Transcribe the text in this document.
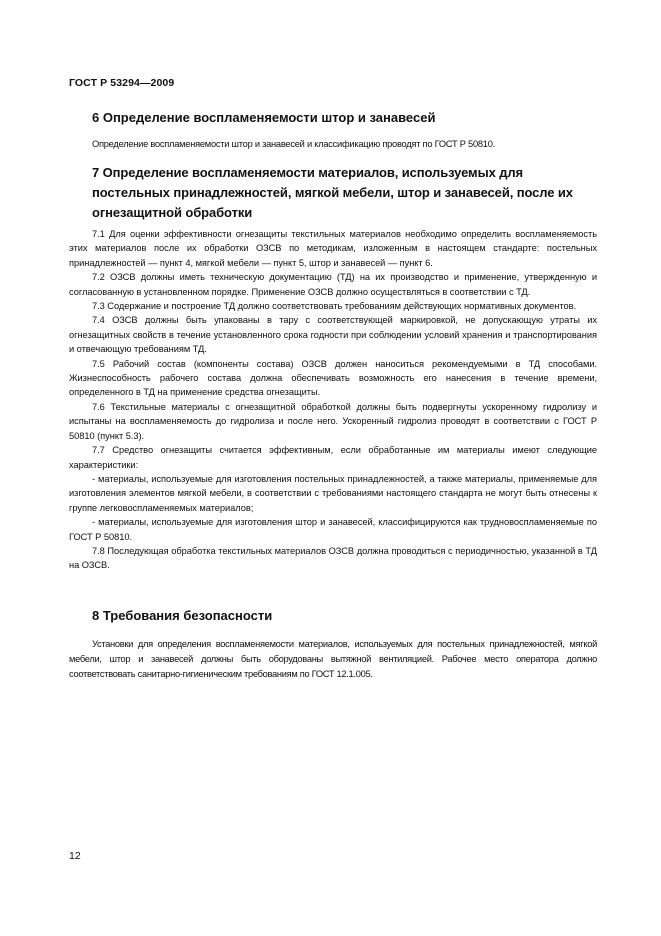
ГОСТ Р 53294—2009
6 Определение воспламеняемости штор и занавесей

Определение воспламеняемости штор и занавесей и классификацию проводят по ГОСТ Р 50810.

7 Определение воспламеняемости материалов, используемых для постельных принадлежностей, мягкой мебели, штор и занавесей, после их огнезащитной обработки

7.1 Для оценки эффективности огнезащиты текстильных материалов необходимо определить воспламеняемость этих материалов после их обработки ОЗСВ по методикам, изложенным в настоящем стандарте: постельных принадлежностей — пункт 4, мягкой мебели — пункт 5, штор и занавесей — пункт 6.

7.2 ОЗСВ должны иметь техническую документацию (ТД) на их производство и применение, утвержденную и согласованную в установленном порядке. Применение ОЗСВ должно осуществляться в соответствии с ТД.

7.3 Содержание и построение ТД должно соответствовать требованиям действующих нормативных документов.

7.4 ОЗСВ должны быть упакованы в тару с соответствующей маркировкой, не допускающую утраты их огнезащитных свойств в течение установленного срока годности при соблюдении условий хранения и транспортирования и отвечающую требованиям ТД.

7.5 Рабочий состав (компоненты состава) ОЗСВ должен наноситься рекомендуемыми в ТД способами. Жизнеспособность рабочего состава должна обеспечивать возможность его нанесения в течение времени, определенного в ТД на применение средства огнезащиты.

7.6 Текстильные материалы с огнезащитной обработкой должны быть подвергнуты ускоренному гидролизу и испытаны на воспламеняемость до гидролиза и после него. Ускоренный гидролиз проводят в соответствии с ГОСТ Р 50810 (пункт 5.3).

7.7 Средство огнезащиты считается эффективным, если обработанные им материалы имеют следующие характеристики:

- материалы, используемые для изготовления постельных принадлежностей, а также материалы, применяемые для изготовления элементов мягкой мебели, в соответствии с требованиями настоящего стандарта не могут быть отнесены к группе легковоспламеняемых материалов;

- материалы, используемые для изготовления штор и занавесей, классифицируются как трудновоспламеняемые по ГОСТ Р 50810.

7.8 Последующая обработка текстильных материалов ОЗСВ должна проводиться с периодичностью, указанной в ТД на ОЗСВ.

8 Требования безопасности

Установки для определения воспламеняемости материалов, используемых для постельных принадлежностей, мягкой мебели, штор и занавесей должны быть оборудованы вытяжной вентиляцией. Рабочее место оператора должно соответствовать санитарно-гигиеническим требованиям по ГОСТ 12.1.005.

12
